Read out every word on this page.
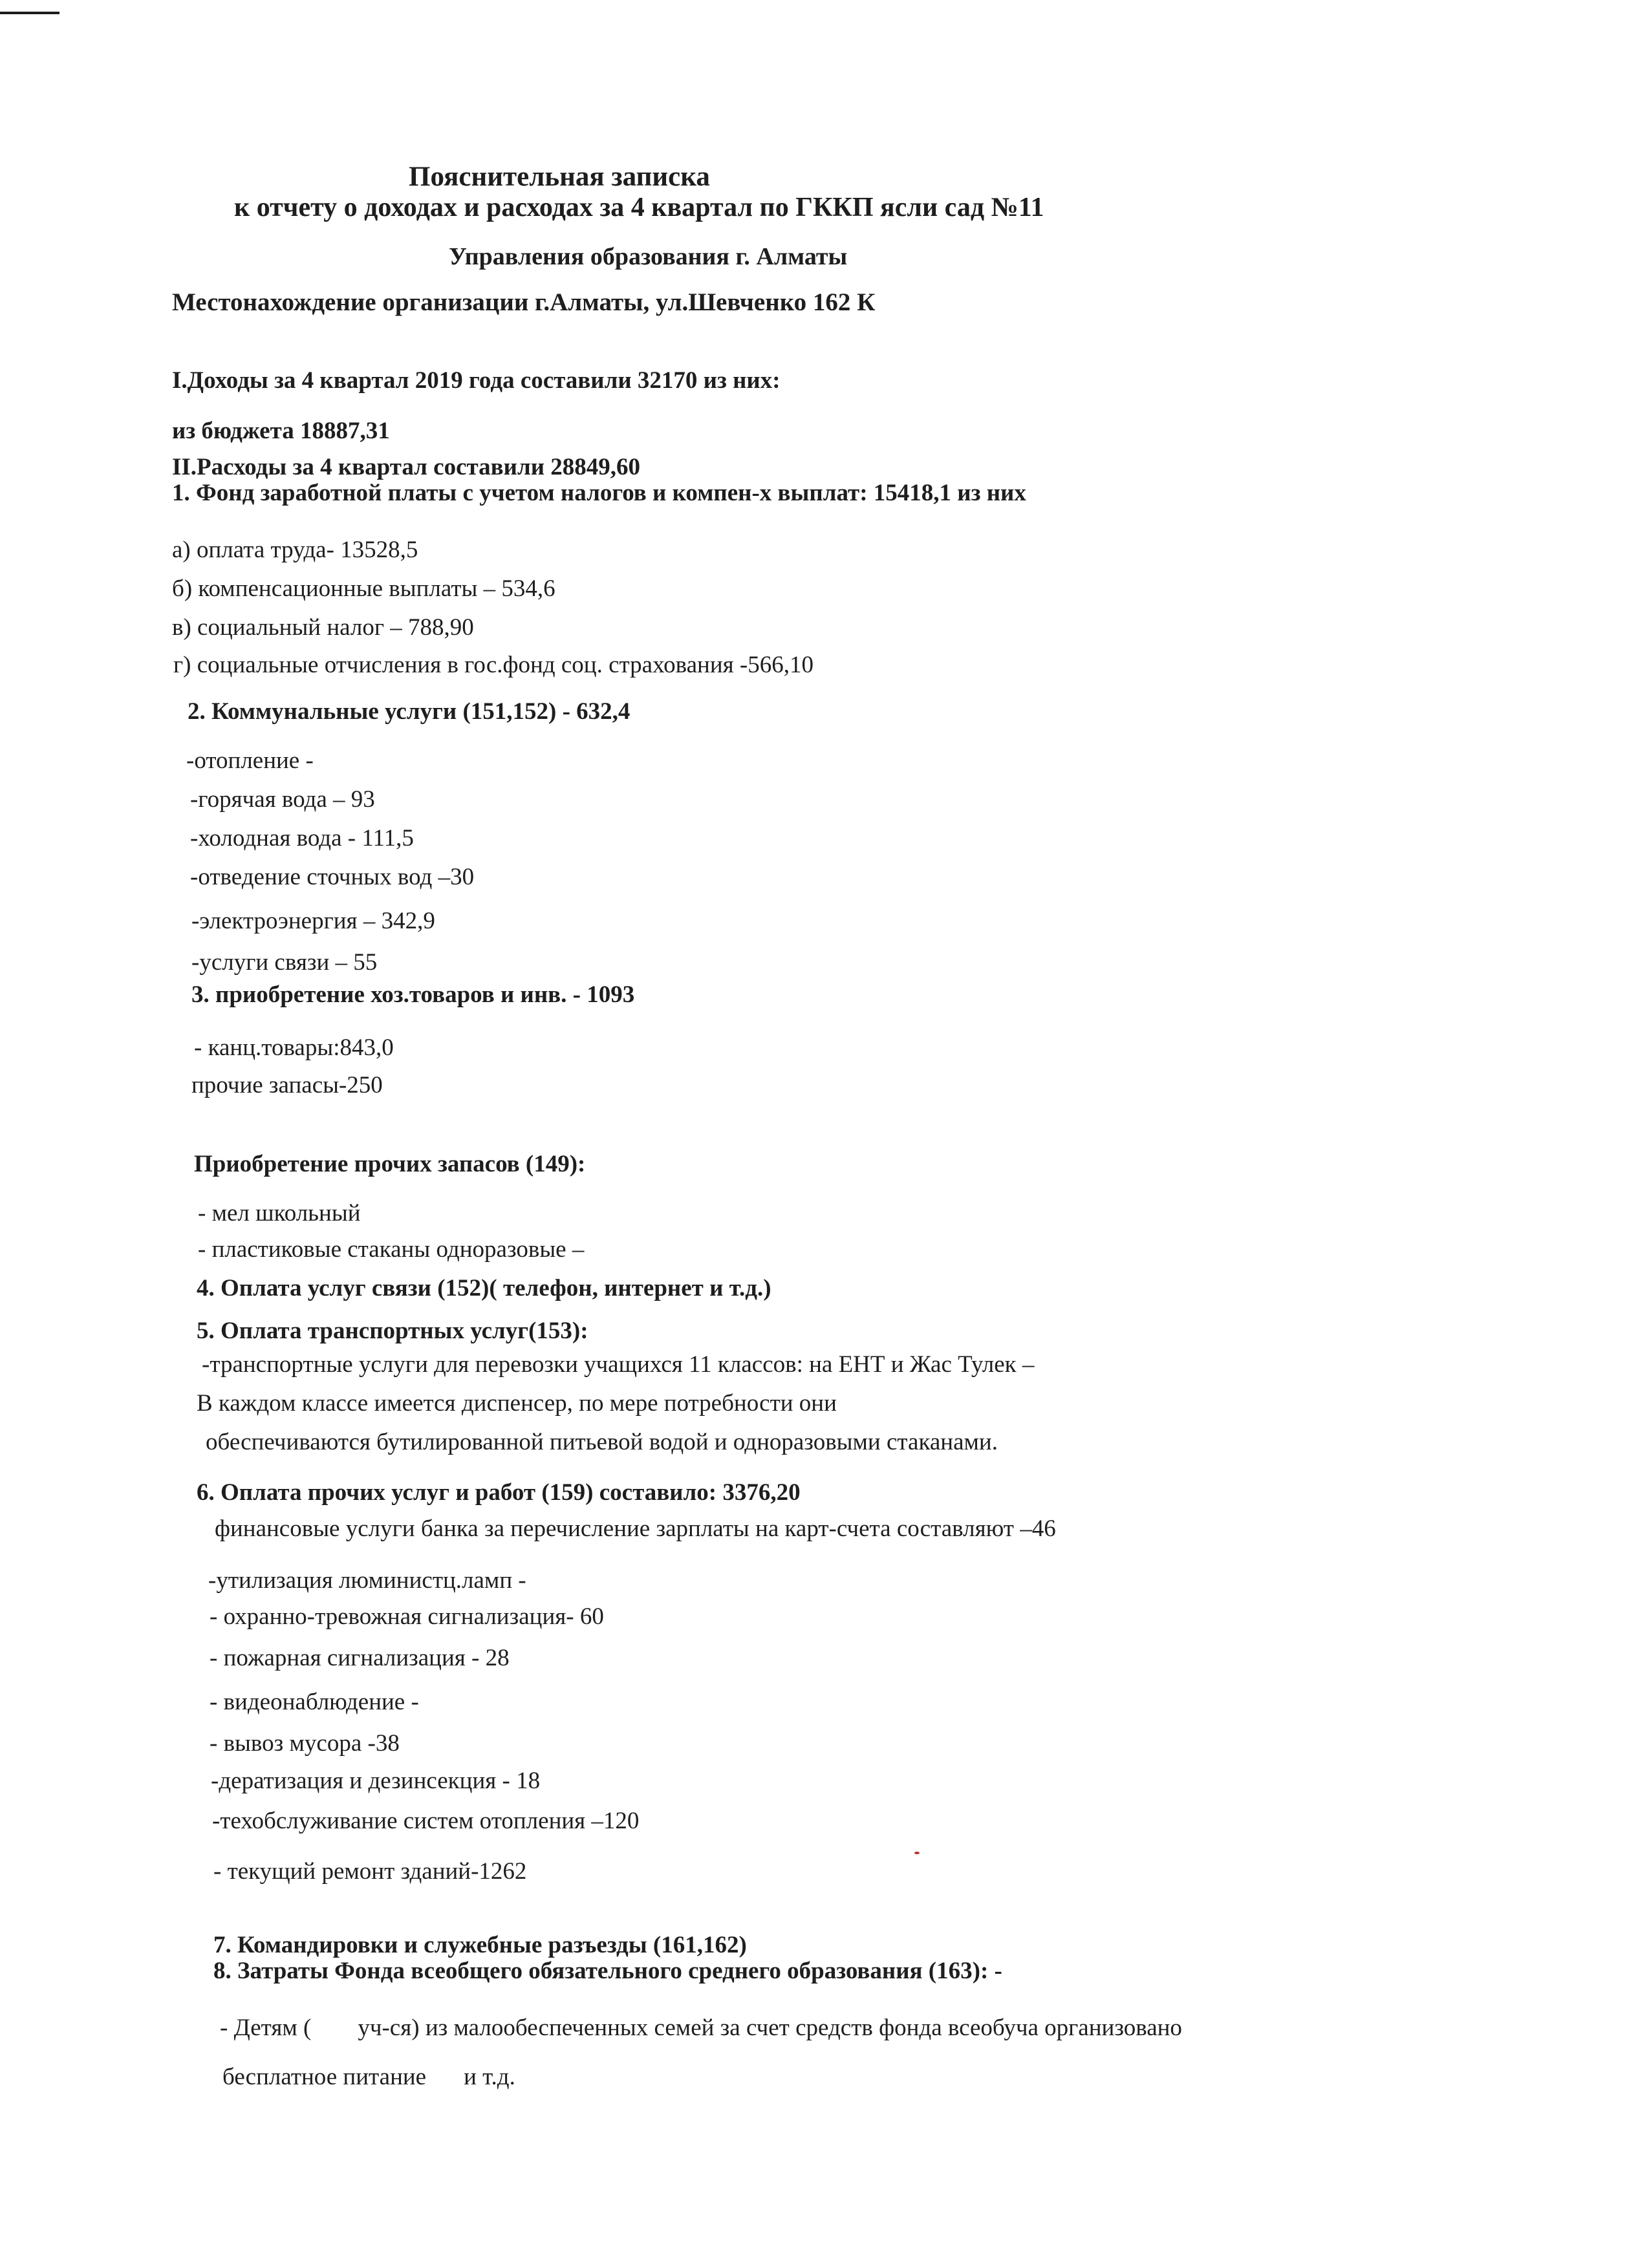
Пояснительная записка
к отчету о доходах и расходах за 4 квартал по ГККП ясли сад №11
Управления образования г. Алматы
Местонахождение организации г.Алматы, ул.Шевченко 162 К
I.Доходы за 4 квартал 2019 года составили 32170 из них:
из бюджета 18887,31
II.Расходы за 4 квартал составили 28849,60
1. Фонд заработной платы с учетом налогов и компен-х выплат: 15418,1 из них
а) оплата труда- 13528,5
б) компенсационные выплаты – 534,6
в) социальный налог – 788,90
г) социальные отчисления в гос.фонд соц. страхования -566,10
2. Коммунальные услуги (151,152) - 632,4
-отопление -
-горячая вода – 93
-холодная вода - 111,5
-отведение сточных вод –30
-электроэнергия – 342,9
-услуги связи – 55
3. приобретение хоз.товаров и инв. - 1093
- канц.товары:843,0
прочие запасы-250
Приобретение прочих запасов (149):
- мел школьный
- пластиковые стаканы одноразовые –
4. Оплата услуг связи (152)( телефон, интернет и т.д.)
5. Оплата транспортных услуг(153):
-транспортные услуги для перевозки учащихся 11 классов: на ЕНТ и Жас Тулек –
В каждом классе имеется диспенсер, по мере потребности они
обеспечиваются бутилированной питьевой водой и одноразовыми стаканами.
6. Оплата прочих услуг и работ (159) составило: 3376,20
финансовые услуги банка за перечисление зарплаты на карт-счета составляют –46
-утилизация люминистц.ламп -
- охранно-тревожная сигнализация- 60
- пожарная сигнализация - 28
- видеонаблюдение -
- вывоз мусора -38
-дератизация и дезинсекция - 18
-техобслуживание систем отопления –120
- текущий ремонт зданий-1262
7. Командировки и служебные разъезды (161,162)
8. Затраты Фонда всеобщего обязательного среднего образования (163): -
- Детям ( уч-ся) из малообеспеченных семей за счет средств фонда всеобуча организовано
бесплатное питание и т.д.
